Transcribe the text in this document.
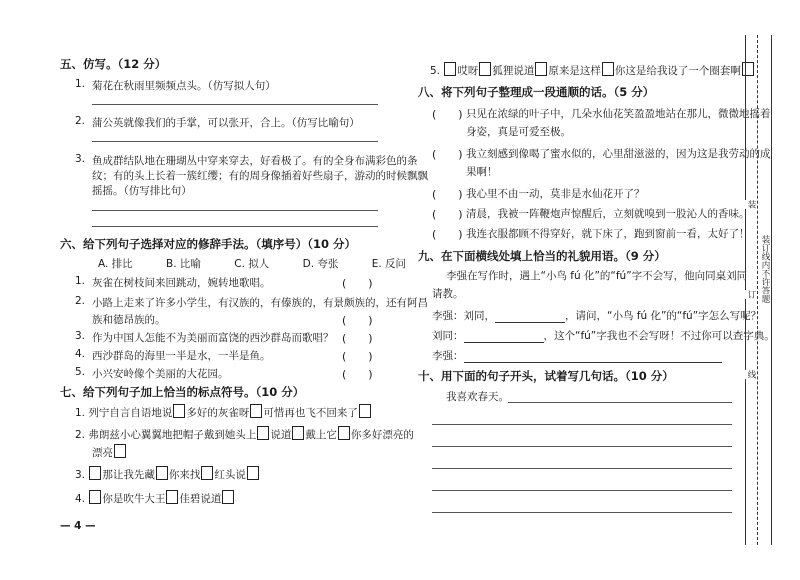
五、仿写。（12 分）
1. 菊花在秋雨里频频点头。（仿写拟人句）
2. 蒲公英就像我们的手掌，可以张开，合上。（仿写比喻句）
3. 鱼成群结队地在珊瑚丛中穿来穿去，好看极了。有的全身布满彩色的条
纹；有的头上长着一簇红缨；有的周身像插着好些扇子，游动的时候飘飘
摇摇。（仿写排比句）
六、给下列句子选择对应的修辞手法。（填序号）（10 分）
A. 排比	B. 比喻	C. 拟人	D. 夸张	E. 反问
1. 灰雀在树枝间来回跳动，婉转地歌唱。	(　　)
2. 小路上走来了许多小学生，有汉族的，有傣族的，有景颇族的，还有阿昌
族和德昂族的。	(　　)
3. 作为中国人怎能不为美丽而富饶的西沙群岛而歌唱？ (　　)
4. 西沙群岛的海里一半是水，一半是鱼。	(　　)
5. 小兴安岭像个美丽的大花园。	(　　)
七、给下列句子加上恰当的标点符号。（10 分）
1. 列宁自言自语地说 多好的灰雀呀 可惜再也飞不回来了
2. 弗朗兹小心翼翼地把帽子戴到她头上 说道 戴上它 你多好漂亮的
漂亮
3. 那让我先藏 你来找 红头说
4. 你是吹牛大王 佳碧说道
— 4 —
5. 哎呀 狐狸说道 原来是这样 你这是给我设了一个圈套啊
八、将下列句子整理成一段通顺的话。（5 分）
(　　) 只见在浓绿的叶子中，几朵水仙花笑盈盈地站在那儿，微微地摇着
身姿，真是可爱至极。
(　　) 我立刻感到像喝了蜜水似的，心里甜滋滋的，因为这是我劳动的成
果啊！
(　　) 我心里不由一动，莫非是水仙花开了？
(　　) 清晨，我被一阵鞭炮声惊醒后，立刻就嗅到一股沁人的香味。
(　　) 我连衣服都顾不得穿好，就下床了，跑到窗前一看，太好了！
九、在下面横线处填上恰当的礼貌用语。（9 分）
李强在写作时，遇上“小鸟 fú 化”的“fú”字不会写，他向同桌刘同
请教。
李强：刘同，	，请问，“小鸟 fú 化”的“fú”字怎么写呢？
刘同：	，这个“fú”字我也不会写呀！不过你可以查字典。
李强：
十、用下面的句子开头，试着写几句话。（10 分）
我喜欢春天。
装
订
线
装订线内不许答题
